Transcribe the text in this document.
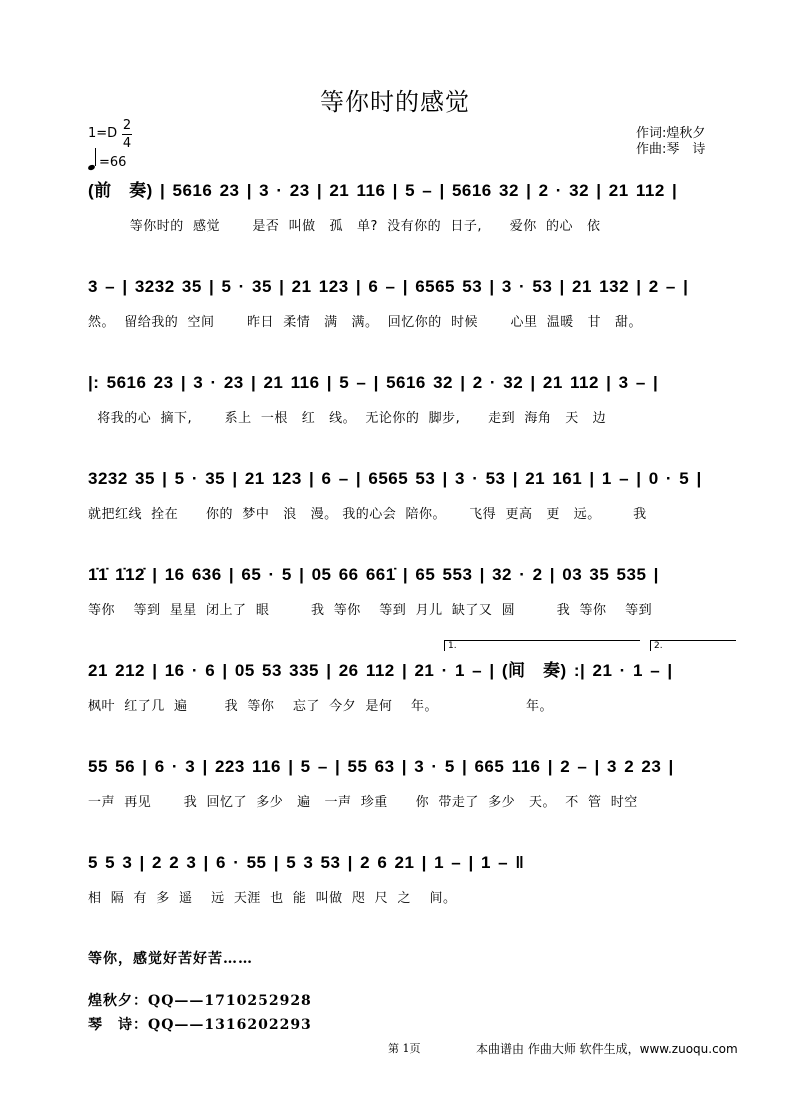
等你时的感觉
1=D
2
4
=66
作词:煌秋夕
作曲:琴　诗
(前　奏) | 5616 23 | 3 · 23 | 21 116 | 5 – | 5616 32 | 2 · 32 | 21 112 |
等你时的  感觉       是否  叫做   孤   单?  没有你的  日子,      爱你  的心   依
3 – | 3232 35 | 5 · 35 | 21 123 | 6 – | 6565 53 | 3 · 53 | 21 132 | 2 – |
然。  留给我的  空间       昨日  柔情   满   满。  回忆你的  时候       心里  温暖   甘   甜。
|: 5616 23 | 3 · 23 | 21 116 | 5 – | 5616 32 | 2 · 32 | 21 112 | 3 – |
将我的心  摘下,       系上  一根   红   线。  无论你的  脚步,      走到  海角   天   边
3232 35 | 5 · 35 | 21 123 | 6 – | 6565 53 | 3 · 53 | 21 161 | 1 – | 0 · 5 |
就把红线  拴在      你的  梦中   浪   漫。 我的心会  陪你。     飞得  更高   更   远。       我
1̇1̇ 1̇12̇ | 16 636 | 65 · 5 | 05 66 661̇ | 65 553 | 32 · 2 | 03 35 535 |
等你    等到  星星  闭上了  眼         我  等你    等到  月儿  缺了又  圆         我  等你    等到
1.	2.
21 212 | 16 · 6 | 05 53 335 | 26 112 | 21 · 1 – | (间　奏) :| 21 · 1 – |
枫叶  红了几  遍        我  等你    忘了  今夕  是何    年。                   年。
55 56 | 6 · 3 | 223 116 | 5 – | 55 63 | 3 · 5 | 665 116 | 2 – | 3 2 23 |
一声  再见       我  回忆了  多少   遍   一声  珍重      你  带走了  多少   天。  不  管  时空
5 5 3 | 2 2 3 | 6 · 55 | 5 3 53 | 2 6 21 | 1 – | 1 – ‖
相  隔  有  多  遥    远  天涯  也  能  叫做  咫  尺  之    间。
等你，感觉好苦好苦……
煌秋夕：QQ——1710252928
琴　诗：QQ——1316202293
第 1页	本曲谱由 作曲大师 软件生成，www.zuoqu.com
